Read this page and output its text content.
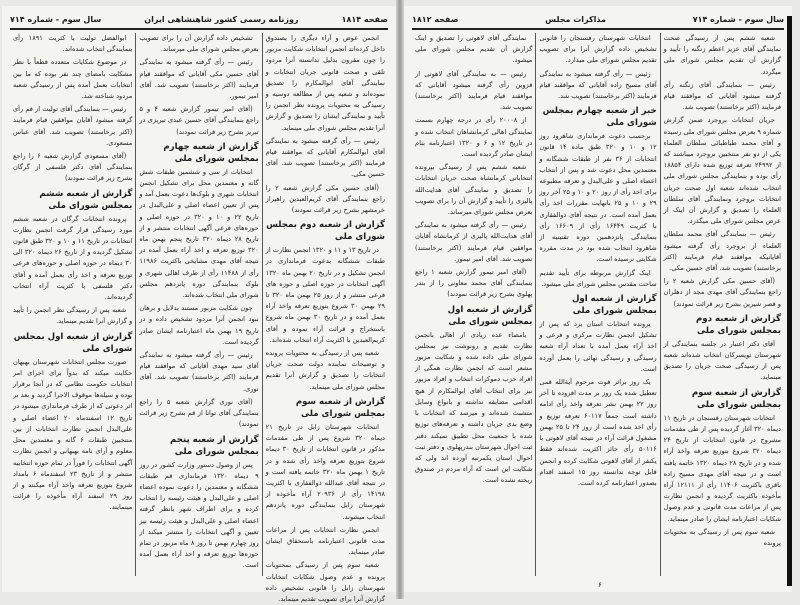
سال سوم - شماره ۷۱۴	روزنامه رسمی کشور شاهنشاهی ایران	صفحه ۱۸۱۴

انجمن عوض و آراء دیگری را بصندوق داخل کرده‌اند انجمن انتخابات شکایت مزبور را چون مقرون بدلیل ندانسته آنرا مردود تلقی و صحت قانونی جریان انتخابات و نمایندگی آقای ابوالمکارم را تصدیق نموده‌اند و شعبه پس از مطالعه دوسیه و رسیدگی به محتویات پرونده نظر انجمن را تأیید و نمایندگی ایشان را تصدیق و گزارش آنرا تقدیم مجلس شورای ملی مینماید.

رئیس — رأی گرفته میشود به نمایندگی آقای ابوالمکارم آقایانی که موافقند قیام فرمایند (اکثر برخاستند) تصویب شد. آقای حسین مکی.

(آقای حسین مکی گزارش شعبه ۲ را راجع بنمایندگی آقای کریم‌العبدین راهیراز خرمشهر بشرح زیر قرائت نمودند)

گزارش از شعبه دوم بمجلس شورای ملی

در تاریخ ۱۳ و ۱۱ و ۱۳۲۰ انجمن نظارت از طبقات ششگانه بدعوت فرمانداری در انجمن تشکیل و در تاریخ ۲۰ بهمن ماه ۱۳۲۰ آگهی انتخابات در حوزه اصلی و حوزه های فرعی منتشر و از روز ۲۵ بهمن ماه ۳۲۰ تا ۲۹ بهمن ۳۰ شروع بتوزیع تعرفه واخذ آراء بعمل آمده و در تاریخ ۳۰ بهمن ماه شروع باستخراج و قرائت آراء نموده و آقای کریم‌العبدین با اکثریت آراء انتخاب شده‌اند.

شعبه پس از رسیدگی به محتویات پرونده و توضیحات نماینده دولت صحت جریان انتخابات را تصدیق و گزارش آنرا تقدیم مجلس شورای ملی مینماید.

گزارش از شعبه سوم بمجلس شورای ملی

انتخابات شهرستان زابل در تاریخ ۲۱ دیماه ۳۲۰ شروع پس از طی مقدمات مذکور در قانون انتخابات از تاریخ ۳۰ دیماه شروع بتوزیع تعرفه واخذ رأی شده و در تاریخ ۱ بهمن ماه ۳۲۰ خاتمه یافته است و در نتیجه آقای عبدالله ذوالفقاری با اکثریت ۱۴۱۹۸ رأی از ۲۰۹۳۶ آراء مأخوذه از شهرستان زابل بنمایندگی دوره پانزدهم انتخاب میشوند.

انجمن نظارت انتخابات پس از مراعات مدت قانونی اعتبارنامه باستحقاق ایشان صادر مینماید.

شعبه سوم پس از رسیدگی بمحتویات پرونده و عدم وصول شکایات انتخابات شهرستان زابل را قانونی تشخیص داده گزارش آنرا برای تصویب تقدیم مینماید.

تشخیص داده گزارش آن را برای تصویب بعرض مجلس شورای ملی میرساند.

رئیس — رأی گرفته میشود به نمایندگی آقای حسین مکی آقایانی که موافقند قیام فرمایند (اکثر برخاستند) تصویب شد. آقای امیر تیمور.

(آقای امیر تیمور گزارش شعبه ۴ و ۵ راجع بنمایندگی آقای حسین عبدی تبریزی در تبریز بشرح زیر قرائت نمودند)

گزارش از شعبه چهارم بمجلس شورای ملی

انتخابات از سی و ششمین طبقات شش گانه و معتمدین محل برای تشکیل انجمن انتخابات شهری و بلوک‌ها دعوت بعمل آمد و پس از تعیین اعضاء اصلی و علی‌البدل در تاریخ ۲۲ و ۱۰ و ۳۲۰ در حوزه اصلی و حوزه‌های فرعی آگهی انتخابات منتشر و از تاریخ ۲۸ دیماه ۳۲۰ تاریخ پنجم بهمن ماه ۳۲۰ توزیع تعرفه و اخذ آراء بعمل آمده در نتیجه آقای مهدی مشایخی باکثریت ۱۱۹۸۶ رأی از ۱۱۴۸۸ رأی از طرف اهالی شهری و بلوک بنمایندگی دوره پانزدهم مجلس شورای ملی انتخاب شده‌اند.

چون شکایت مزبور مستند بدلایل و برهان نبود انجمن آنرا مردود تشخیص داده و در تاریخ ۱۹ بهمن ماه اعتبارنامه ایشان صادر گردیده است.

رئیس — رأی گرفته میشود به نمایندگی آقای سید مهدی آقایانی که موافقند قیام فرمایند (اکثر برخاستند) تصویب شد. آقای نوری.

(آقای نوری گزارش شعبه ۵ را راجع بنمایندگی آقای توانا از قم بشرح زیر قرائت نمودند)

گزارش از شعبه پنجم بمجلس شورای ملی

پس از وصول دستور وزارت کشور در روز ۹ دیماه ۱۳۲۰ فرمانداری قم طبقات ششگانه و معتمدین را دعوت نموده اعضاء اصلی و علی‌البدل و هیئت رئیسه را انتخاب کرده و برای اطراف شهر بانظر گرفته اعضاء اصلی و علی‌البدل و هیئت رئیسه نیز تعیین و آگهی انتخابات را منتشر میکند از روز چهارم بهمن تا روز ۸ ماه مزبور در تمام حوزه‌ها توزیع تعرفه و اخذ آراء بعمل آمده است.

ابوالفضل تولیت با کثریت ۱۸۹۱ رأی بنمایندگی انتخاب شده‌اند.

در موضوع شکایات متعدده قطعاً با نظر مشکایت بامضای چند نفر بوده که ما بین انتخابات بعمل آمده پس از رسیدگی شعبه مردود شناخته شد.

رئیس — بنمایندگی آقای تولیت از قم رأی گرفته میشود آقایان موافقین قیام فرمایند (اکثر برخاستند) تصویب شد. آقای عباس مسعودی.

(آقای مسعودی گزارش شعبه ۶ را راجع بنمایندگی آقای دکتر فلسفی از گرگان بشرح زیر قرائت نمودند)

گزارش از شعبه ششم بمجلس شورای ملی

پرونده انتخابات گرگان در شعبه ششم مورد رسیدگی قرار گرفت انجمن نظارت انتخابات در تاریخ ۱۱ و ۱۰ و ۳۲۰ طبق قانون تشکیل گردیده و از تاریخ ۲۶ دیماه ۳۲۰ الی ۳۰ دیماه در حوزه اصلی و حوزه‌های فرعی توزیع تعرفه و اخذ رأی بعمل آمده و آقای دکتر فلسفی با کثریت آراء انتخاب گردیده‌اند.

شعبه پس از رسیدگی نظر انجمن را تأیید و گزارش آنرا تقدیم مینماید.

گزارش از شعبه اول بمجلس شورای ملی

صورت مجلس انتخابات شهرستان بهبهان حکایت میکند که بدواً برای اجرای امر انتخابات حکومت نظامی که در آنجا برقرار بوده و سیله‌ها موقوف الاجرا گردید و بعد بر اثر دعوتی که از طرف فرمانداری میشود در تاریخ ۱۲ اسفندماه ۲۰ اعضاء اصلی و علی‌البدل انجمن نظارت انتخابات از بین منتخبین طبقات ۶ گانه و معتمدین محل معلوم و آرای نامه بهبهانی و انجمن نظارت آگهی انتخابات را فوراً در تمام حوزه انتخابیه منتشر و از تاریخ ۲۳ اسفندماه ۶ بامداد شروع بتوزیع تعرفه واخذ آراء میکنند و از روز ۲۹ اسفند آراء مأخوذه را قرائت مینمایند.

صفحه ۱۸۱۲	مذاکرات مجلس	سال سوم - شماره ۷۱۴

شعبه ششم پس از رسیدگی صحت نمایندگی آقای عزیز اعظم زنگنه را تأیید و گزارش آن تقدیم مجلس شورای ملی میگردد.

رئیس — بنمایندگی آقای زنگنه رأی گرفته میشود آقایانی که موافقند قیام فرمایند (اکثر برخاستند) تصویب شد.

جریان انتخابات بروجرد ضمن گزارش شماره ۹ بعرض مجلس شورای ملی رسیده و آقای محمد طباطبائی سلطان العلماء یکی از دو نفر منتخبین بروجرد میباشند که از ۲۴۹۹۲ تعرفه توزیع شده دارای ۱۸۸۵۴ رأی بوده و بنمایندگی مجلس شورای ملی انتخاب شده‌اند شعبه اول صحت جریان انتخابات بروجرد ونمایندگی آقای سلطان العلماء را تصدیق و گزارش آن اینک از عرض مجلس شورای ملی میگذرد.

رئیس — بنمایندگی آقای محمد سلطان العلماء از بروجرد رأی گرفته میشود آقایانیکه موافقند قیام فرمایند (اکثر برخاستند) تصویب شد. آقای حسین مکی.

(آقای حسین مکی گزارش شعبه ۲ را راجع بنمایندگی آقای مهدی مجد از دهلران و قصر شیرین بشرح زیر قرائت نمودند)

گزارش از شعبه دوم بمجلس شورای ملی

آقای دکتر اعتبار در جلسه بنمایندگی از شهرستان تویسرکان انتخاب شده‌اند شعبه پس از رسیدگی صحت جریان را تصدیق مینماید.

گزارش از شعبه سوم بمجلس شورای ملی

انتخابات شهرستان رفسنجان در تاریخ ۱۱ دیماه ۳۲۰ آغاز گردیده پس از طی مقدمات مشروح در قانون انتخابات از تاریخ ۲۴ دیماه ۳۲۰ شروع بتوزیع تعرفه واخذ آراء شده و در تاریخ ۲۸ دیماه ۱۳۲۰ خاتمه یافته است و در نتیجه آقای مهدی مسیح زاده باقری باکثریت ۱۱۴۰۶ رأی از ۱۲۱۱۱ آراء مأخوذه باکثریت گردیده و انجمن نظارت پس از مراعات مدت قانونی و عدم وصول شکایات اعتبارنامه ایشان را صادر مینماید.

شعبه سوم پس از رسیدگی به محتویات پرونده

انتخابات شهرستان رفسنجان را قانونی تشخیص داده گزارش آنرا برای تصویب تقدیم مجلس شورای ملی میدارد.

رئیس — رأی گرفته میشود به نمایندگی آقای مسیح زاده آقایانی که موافقند قیام فرمایند (اکثر برخاستند) تصویب شد.

خبر از شعبه چهارم بمجلس شورای ملی

برحسب دعوت فرمانداری شاهرود روز ۱۲ و ۱۰ و ۳۲۰ طبق ماده ۱۴ قانون انتخابات از ۳۶ نفر از طبقات ششگانه و معتمدین محل دعوت شد و پس از انتخاب اعضاء اصلی و علی‌البدل و تعرفه مطبوعه برای اخذ رأی از روز ۲۰ و ۱۰ و ۲۵ آخر روز ۲۹ و ۱۰ و ۲۵ بانهایت مقررات اخذ رأی بعمل آمده است. در نتیجه آقای ذوالفقاری با کثریت ۱۶۴۴۹ رأی از ۱۶۶۰۹ رأی بنمایندگی پانزدهمین دوره تقنینیه از شاهرود انتخاب شده بود در مدت مقرره شکایتی نرسیده است.

اینک گزارش مربوطه برای تأیید تقدیم ساحت مقدس مجلس شورای ملی میشود.

گزارش از شعبه اول بمجلس شورای ملی

پرونده انتخابات استان یزد که پس از تشکیل انجمن نظارت مرکزی و فرعی و اخذ آراء بعمل آمده با تعداد آراء شعبه رسیدگی و رسیدگی نهائی را بعمل آورده است.

یک روز براثر فوت مرحوم آیةالله قمی تعطیل شده یک روز بر مدت افزوده تا آخر روز ۲۲ بهمن نشر تعرفه واخذ رأی ادامه داشته است جمعاً ۶۰۱۱۷ تعرفه توزیع و رأی اخذ شده است از روز ۲۴ تا ۲۵ بهمن مشغول قرائت آراء در نتیجه آقای لاهوتی با ۵۰۱۱۶ رأی حائز اکثریت شده‌اند فقط یکنفر از آقای لاهوتی شکایت کرده و انجمن قابل توجه ندانسته روز ۱۵ اسفند اقدام بصدور اعتبارنامه کرده است.

نمایندگی آقای لاهوتی را تصدیق و اینک گزارش آن تقدیم مجلس شورای ملی میشود.

رئیس — به نمایندگی آقای لاهوتی از قزوین رأی گرفته میشود آقایانی که موافقند قیام فرمایند (اکثر برخاستند) تصویب شد.

از ۲۰۰۰۸ رأی در درجه چهارم بسمت نمایندگی اهالی کرمانشاهان انتخاب شده و در تاریخ ۱۲ و ۶ و ۱۳۲۰ اعتبارنامه بنام ایشان صادر گردیده است.

شعبه ششم پس از رسیدگی بپرونده انتخاباتی کرمانشاه صحت جریان انتخابات را تصدیق و نمایندگی آقای هدایت‌الله پالیزی را تأیید و گزارش آن را برای تصویب بعرض مجلس شورای میرساند.

رئیس — رأی گرفته میشود به نمایندگی آقای هدایت‌الله پالیزی از کرمانشاه آقایان موافقین قیام فرمایند (اکثر برخاستند) تصویب شد. آقای امیر تیمور.

(آقای امیر تیمور گزارش شعبه ۱ راجع بنمایندگی آقای محمد معاونی را از بندر پهلوی بشرح زیر قرائت نمودند)

گزارش از شعبه اول بمجلس شورای ملی

بامضاء عده زیادی از اهالی بانجمن نظارت تقدیم و رونوشت نیز بمجلس شورای ملی داده شده و شکایت مزبور مشعر است که انجمن نظارت همگی از افراد حزب دموکرات انتخاب و افراد مزبور نیز برای انتخاب آقای ابوالمکارم از هیچ اقدامی مضایقه نداشته و بانواع وسایل متشبث شده‌اند و میرسد که انتخابات با وضع بدی جریان داشته و تعرفه‌های توزیع شده با جمعیت محل تطبیق نمیکند دفتر ثبت احوال شهرستان بندرپهلوی و دفتر ثبت احوال استان یکمرتبه آورده اند ولی که شکایت این است که آراء مردم در صندوق ریخته نشده است.

۶
